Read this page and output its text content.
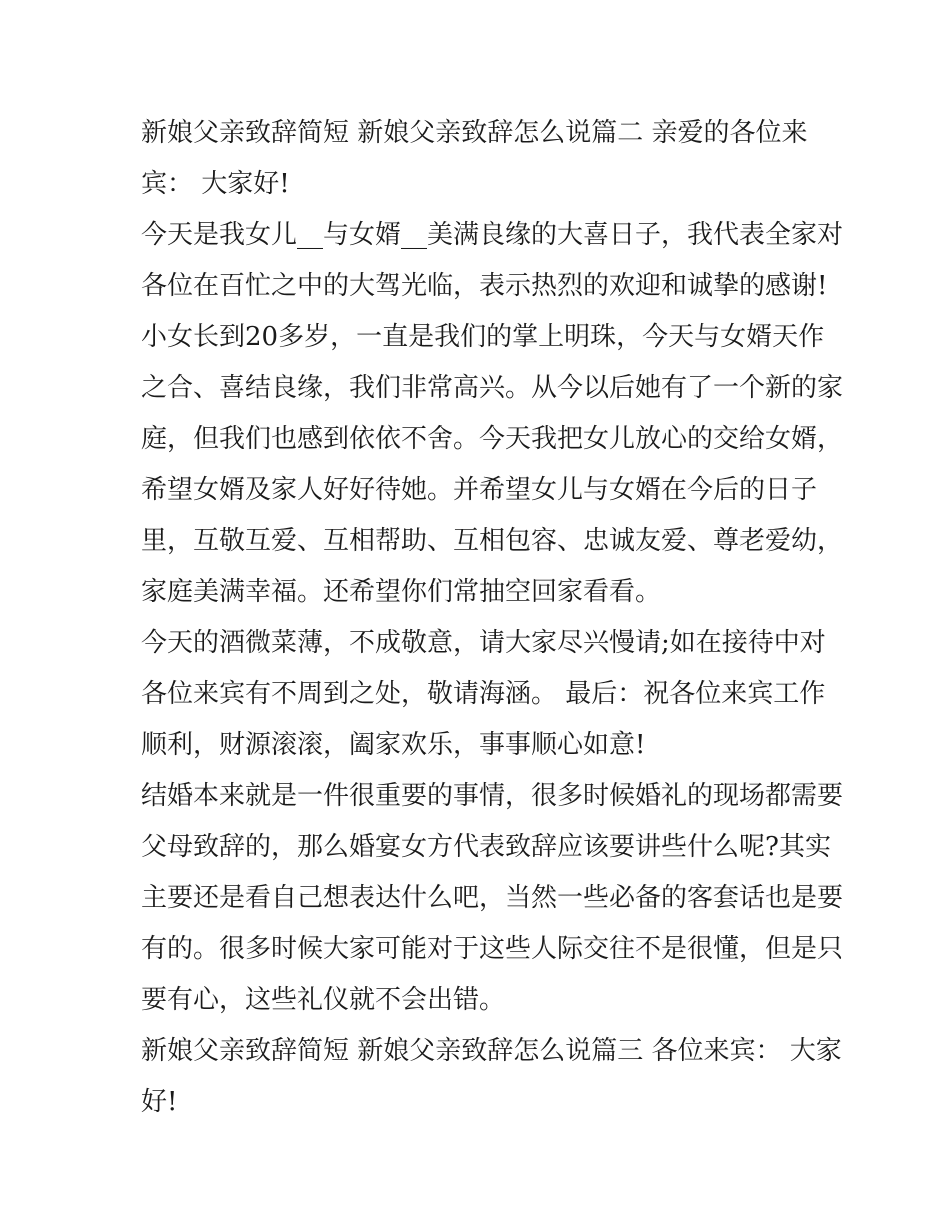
新娘父亲致辞简短 新娘父亲致辞怎么说篇二 亲爱的各位来
宾： 大家好!
今天是我女儿__与女婿__美满良缘的大喜日子，我代表全家对
各位在百忙之中的大驾光临，表示热烈的欢迎和诚挚的感谢!
小女长到20多岁，一直是我们的掌上明珠，今天与女婿天作
之合、喜结良缘，我们非常高兴。从今以后她有了一个新的家
庭，但我们也感到依依不舍。今天我把女儿放心的交给女婿，
希望女婿及家人好好待她。并希望女儿与女婿在今后的日子
里，互敬互爱、互相帮助、互相包容、忠诚友爱、尊老爱幼，
家庭美满幸福。还希望你们常抽空回家看看。
今天的酒微菜薄，不成敬意，请大家尽兴慢请;如在接待中对
各位来宾有不周到之处，敬请海涵。 最后：祝各位来宾工作
顺利，财源滚滚，阖家欢乐，事事顺心如意!
结婚本来就是一件很重要的事情，很多时候婚礼的现场都需要
父母致辞的，那么婚宴女方代表致辞应该要讲些什么呢?其实
主要还是看自己想表达什么吧，当然一些必备的客套话也是要
有的。很多时候大家可能对于这些人际交往不是很懂，但是只
要有心，这些礼仪就不会出错。
新娘父亲致辞简短 新娘父亲致辞怎么说篇三 各位来宾： 大家
好!
